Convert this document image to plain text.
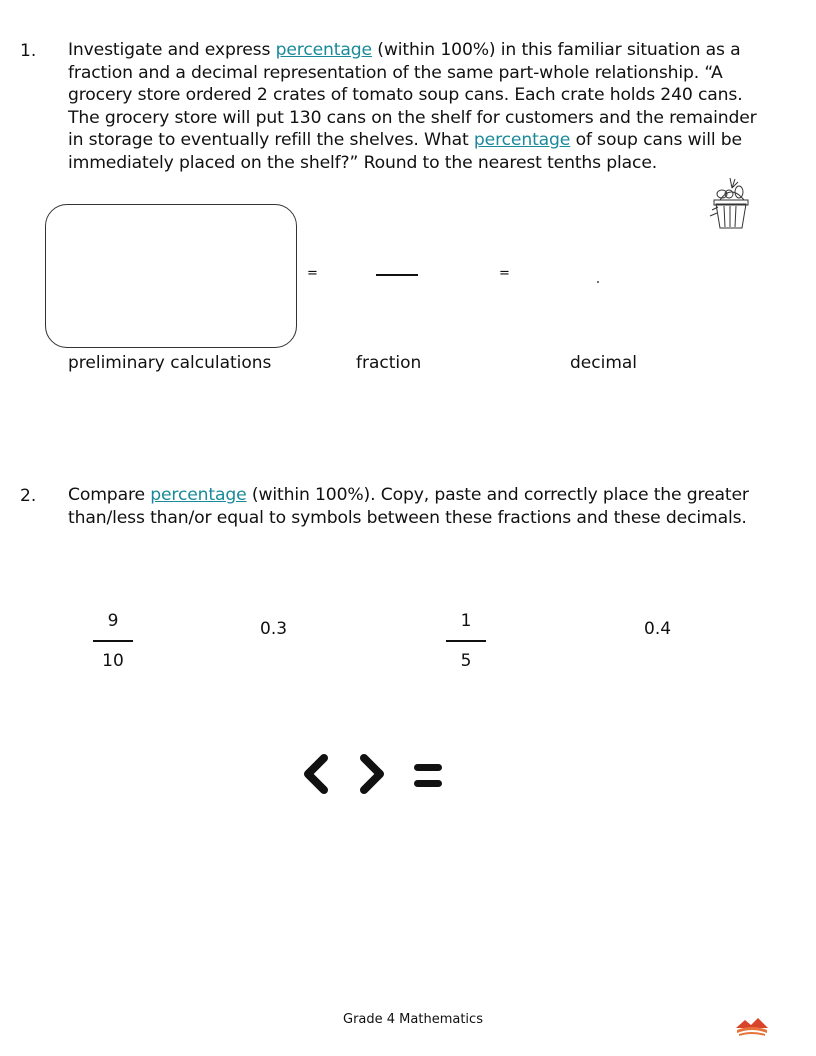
1. Investigate and express percentage (within 100%) in this familiar situation as a
fraction and a decimal representation of the same part-whole relationship. “A
grocery store ordered 2 crates of tomato soup cans. Each crate holds 240 cans.
The grocery store will put 130 cans on the shelf for customers and the remainder
in storage to eventually refill the shelves. What percentage of soup cans will be
immediately placed on the shelf?” Round to the nearest tenths place.
=	=
preliminary calculations	fraction	decimal
2. Compare percentage (within 100%). Copy, paste and correctly place the greater
than/less than/or equal to symbols between these fractions and these decimals.
9
10
0.3	1
5
0.4
Grade 4 Mathematics
